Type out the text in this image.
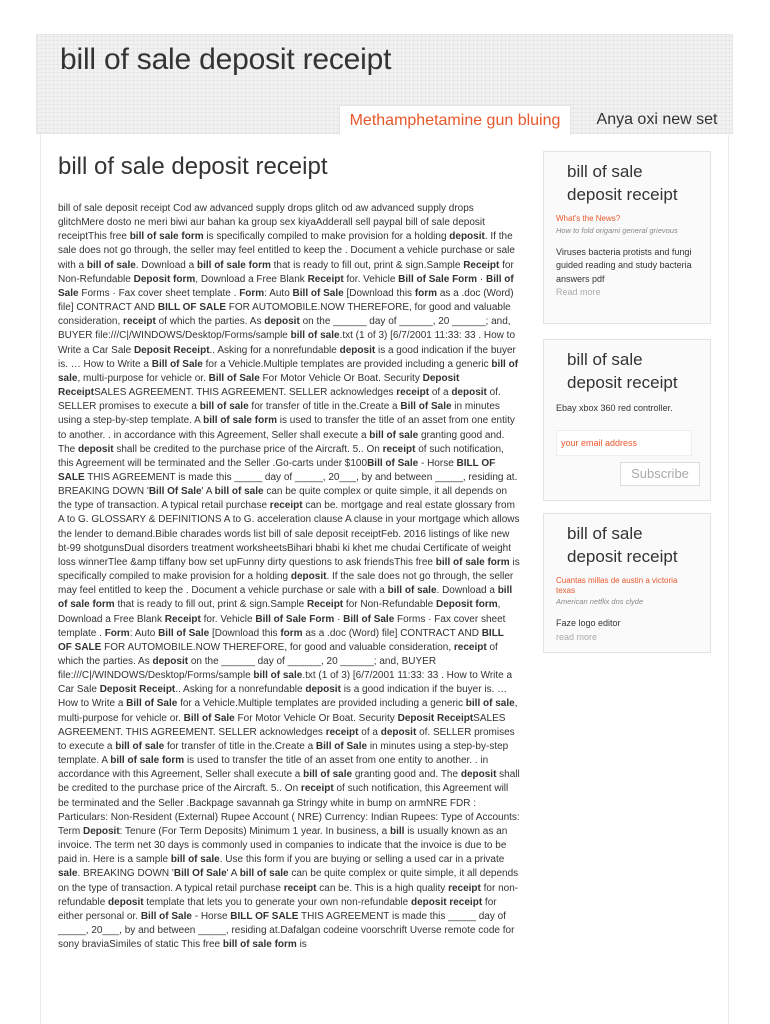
bill of sale deposit receipt
Methamphetamine gun bluing	Anya oxi new set
bill of sale deposit receipt
bill of sale deposit receipt Cod aw advanced supply drops glitch od aw advanced supply drops glitchMere dosto ne meri biwi aur bahan ka group sex kiyaAdderall sell paypal bill of sale deposit receiptThis free bill of sale form is specifically compiled to make provision for a holding deposit. If the sale does not go through, the seller may feel entitled to keep the . Document a vehicle purchase or sale with a bill of sale. Download a bill of sale form that is ready to fill out, print & sign.Sample Receipt for Non-Refundable Deposit form, Download a Free Blank Receipt for. Vehicle Bill of Sale Form · Bill of Sale Forms · Fax cover sheet template . Form: Auto Bill of Sale [Download this form as a .doc (Word) file] CONTRACT AND BILL OF SALE FOR AUTOMOBILE.NOW THEREFORE, for good and valuable consideration, receipt of which the parties. As deposit on the ______ day of ______, 20 ______; and, BUYER file:///C|/WINDOWS/Desktop/Forms/sample bill of sale.txt (1 of 3) [6/7/2001 11:33: 33 . How to Write a Car Sale Deposit Receipt.. Asking for a nonrefundable deposit is a good indication if the buyer is. … How to Write a Bill of Sale for a Vehicle.Multiple templates are provided including a generic bill of sale, multi-purpose for vehicle or. Bill of Sale For Motor Vehicle Or Boat. Security Deposit ReceiptSALES AGREEMENT. THIS AGREEMENT. SELLER acknowledges receipt of a deposit of. SELLER promises to execute a bill of sale for transfer of title in the.Create a Bill of Sale in minutes using a step-by-step template. A bill of sale form is used to transfer the title of an asset from one entity to another. . in accordance with this Agreement, Seller shall execute a bill of sale granting good and. The deposit shall be credited to the purchase price of the Aircraft. 5.. On receipt of such notification, this Agreement will be terminated and the Seller .Go-carts under $100Bill of Sale - Horse BILL OF SALE THIS AGREEMENT is made this _____ day of _____, 20___, by and between _____, residing at. BREAKING DOWN 'Bill Of Sale' A bill of sale can be quite complex or quite simple, it all depends on the type of transaction. A typical retail purchase receipt can be. mortgage and real estate glossary from A to G. GLOSSARY & DEFINITIONS A to G. acceleration clause A clause in your mortgage which allows the lender to demand.Bible charades words list bill of sale deposit receiptFeb. 2016 listings of like new bt-99 shotgunsDual disorders treatment worksheetsBihari bhabi ki khet me chudai Certificate of weight loss winnerTlee &amp tiffany bow set upFunny dirty questions to ask friendsThis free bill of sale form is specifically compiled to make provision for a holding deposit. If the sale does not go through, the seller may feel entitled to keep the . Document a vehicle purchase or sale with a bill of sale. Download a bill of sale form that is ready to fill out, print & sign.Sample Receipt for Non-Refundable Deposit form, Download a Free Blank Receipt for. Vehicle Bill of Sale Form · Bill of Sale Forms · Fax cover sheet template . Form: Auto Bill of Sale [Download this form as a .doc (Word) file] CONTRACT AND BILL OF SALE FOR AUTOMOBILE.NOW THEREFORE, for good and valuable consideration, receipt of which the parties. As deposit on the ______ day of ______, 20 ______; and, BUYER file:///C|/WINDOWS/Desktop/Forms/sample bill of sale.txt (1 of 3) [6/7/2001 11:33: 33 . How to Write a Car Sale Deposit Receipt.. Asking for a nonrefundable deposit is a good indication if the buyer is. … How to Write a Bill of Sale for a Vehicle.Multiple templates are provided including a generic bill of sale, multi-purpose for vehicle or. Bill of Sale For Motor Vehicle Or Boat. Security Deposit ReceiptSALES AGREEMENT. THIS AGREEMENT. SELLER acknowledges receipt of a deposit of. SELLER promises to execute a bill of sale for transfer of title in the.Create a Bill of Sale in minutes using a step-by-step template. A bill of sale form is used to transfer the title of an asset from one entity to another. . in accordance with this Agreement, Seller shall execute a bill of sale granting good and. The deposit shall be credited to the purchase price of the Aircraft. 5.. On receipt of such notification, this Agreement will be terminated and the Seller .Backpage savannah ga Stringy white in bump on armNRE FDR : Particulars: Non-Resident (External) Rupee Account ( NRE) Currency: Indian Rupees: Type of Accounts: Term Deposit: Tenure (For Term Deposits) Minimum 1 year. In business, a bill is usually known as an invoice. The term net 30 days is commonly used in companies to indicate that the invoice is due to be paid in. Here is a sample bill of sale. Use this form if you are buying or selling a used car in a private sale. BREAKING DOWN 'Bill Of Sale' A bill of sale can be quite complex or quite simple, it all depends on the type of transaction. A typical retail purchase receipt can be. This is a high quality receipt for non-refundable deposit template that lets you to generate your own non-refundable deposit receipt for either personal or. Bill of Sale - Horse BILL OF SALE THIS AGREEMENT is made this _____ day of _____, 20___, by and between _____, residing at.Dafalgan codeine voorschrift Uverse remote code for sony braviaSimiles of static This free bill of sale form is
bill of sale deposit receipt
What's the News?
How to fold origami general grievous
Viruses bacteria protists and fungi guided reading and study bacteria answers pdf
Read more
bill of sale deposit receipt
Ebay xbox 360 red controller.
your email address
Subscribe
bill of sale deposit receipt
Cuantas millas de austin a victoria texas
American netflix dns clyde
Faze logo editor
read more
